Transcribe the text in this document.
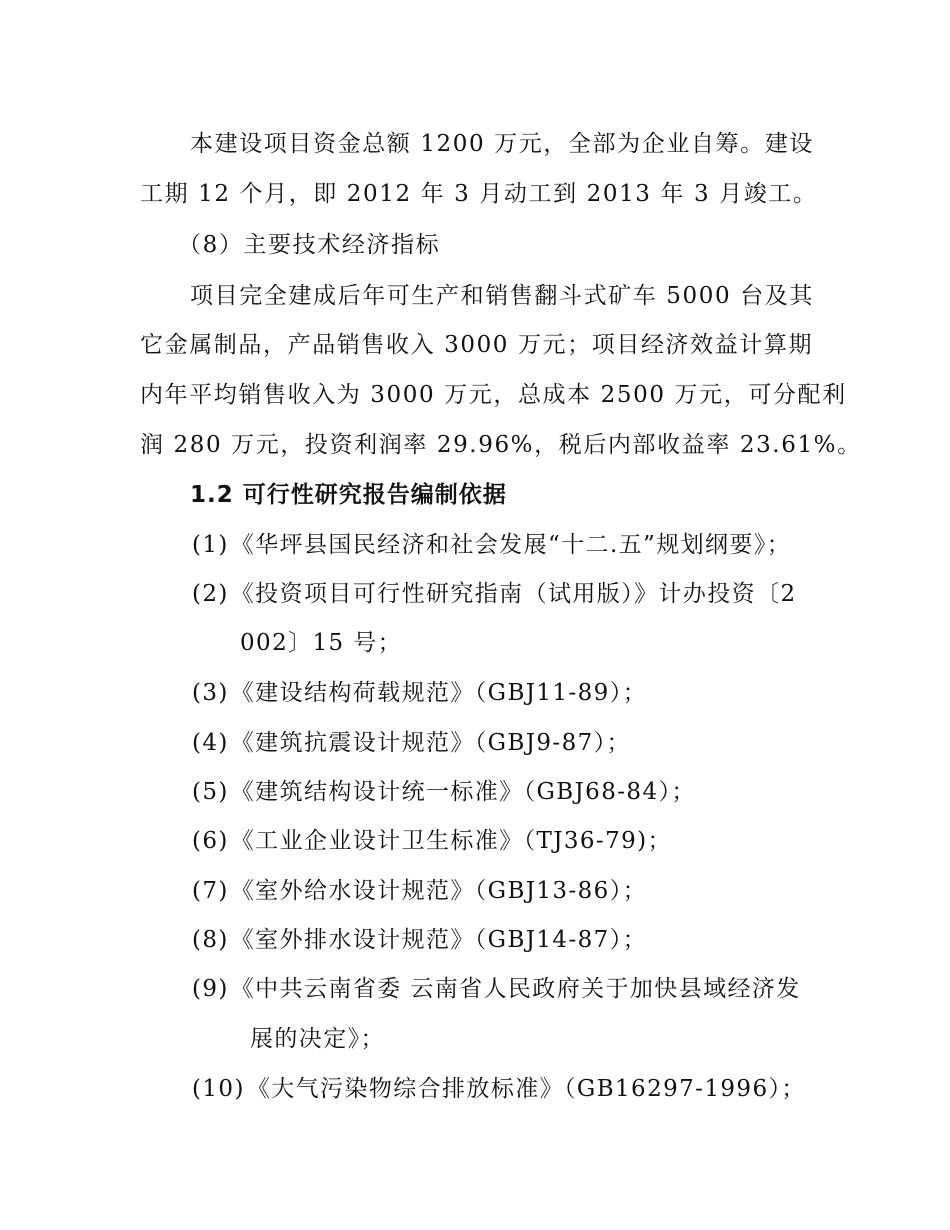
本建设项目资金总额 1200 万元，全部为企业自筹。建设
工期 12 个月，即 2012 年 3 月动工到 2013 年 3 月竣工。
（8）主要技术经济指标
项目完全建成后年可生产和销售翻斗式矿车 5000 台及其
它金属制品，产品销售收入 3000 万元；项目经济效益计算期
内年平均销售收入为 3000 万元，总成本 2500 万元，可分配利
润 280 万元，投资利润率 29.96%，税后内部收益率 23.61%。
1.2 可行性研究报告编制依据
(1)《华坪县国民经济和社会发展“十二.五”规划纲要》；
(2)《投资项目可行性研究指南（试用版）》计办投资〔2
002〕15 号；
(3)《建设结构荷载规范》（GBJ11-89）；
(4)《建筑抗震设计规范》（GBJ9-87）；
(5)《建筑结构设计统一标准》（GBJ68-84）；
(6)《工业企业设计卫生标准》（TJ36-79)；
(7)《室外给水设计规范》（GBJ13-86）；
(8)《室外排水设计规范》（GBJ14-87）；
(9)《中共云南省委 云南省人民政府关于加快县域经济发
展的决定》；
(10)《大气污染物综合排放标准》（GB16297-1996）；
